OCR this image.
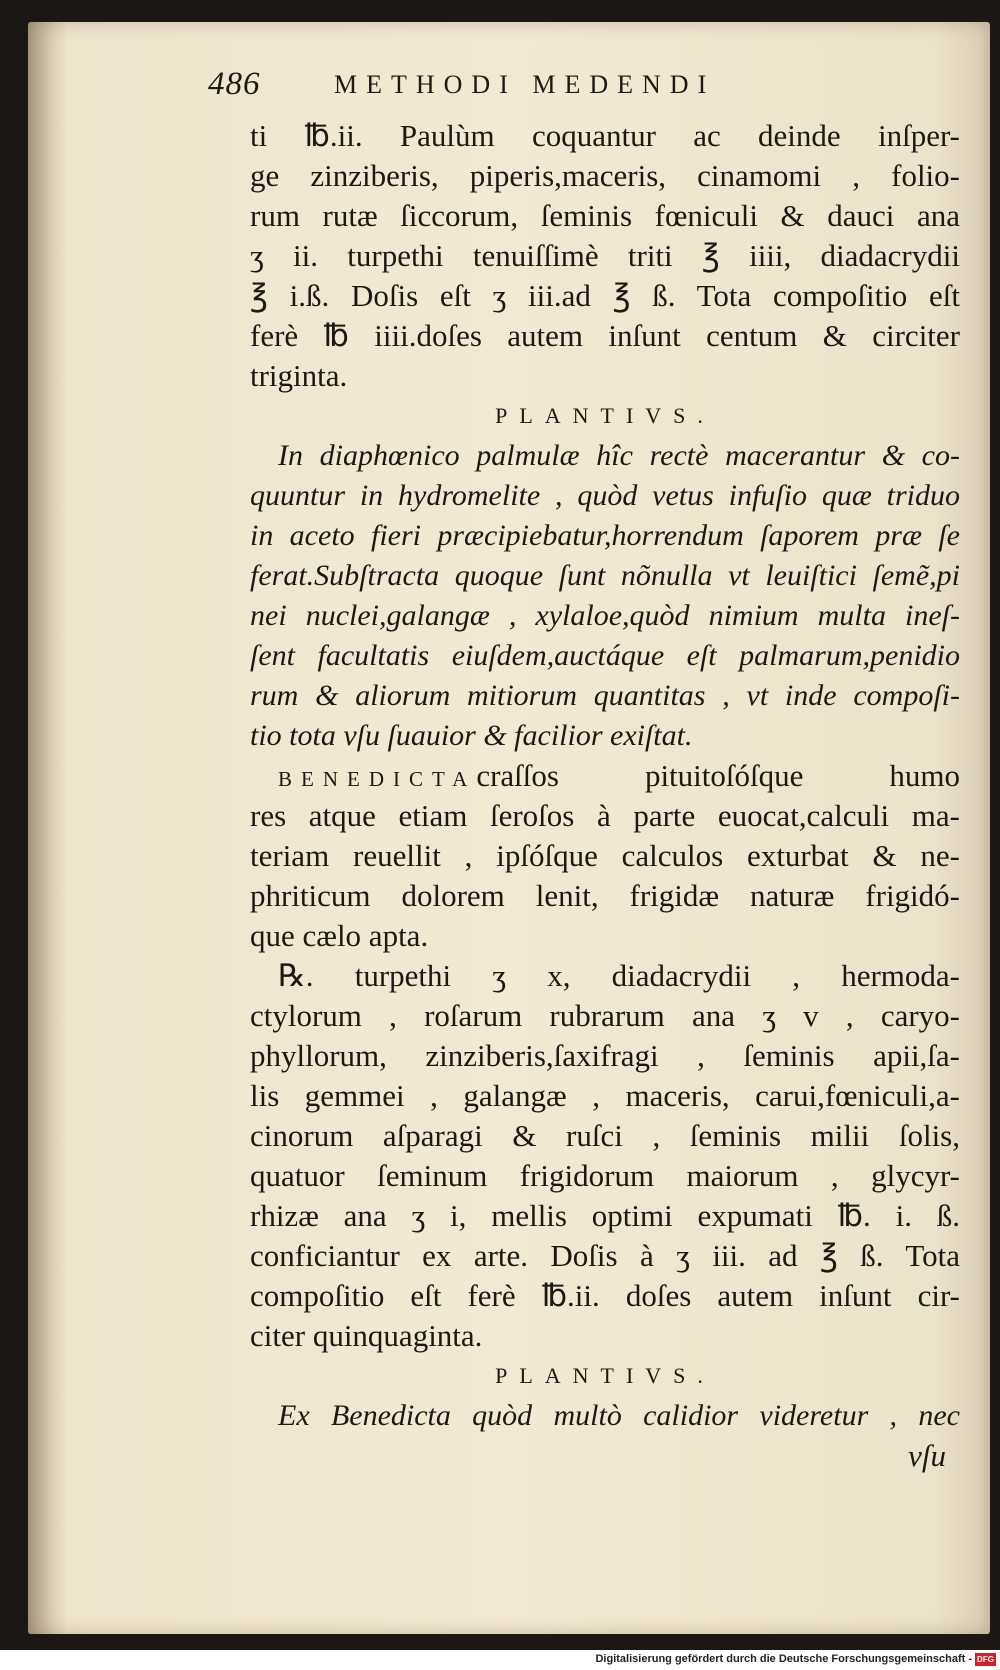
486	METHODI MEDENDI
ti ℔.ii. Paulùm coquantur ac deinde inſper-
ge zinziberis, piperis,maceris, cinamomi , folio-
rum rutæ ſiccorum, ſeminis fœniculi & dauci ana
ʒ ii. turpethi tenuiſſimè triti ℥ iiii, diadacrydii
℥ i.ß. Doſis eſt ʒ iii.ad ℥ ß. Tota compoſitio eſt
ferè ℔ iiii.doſes autem inſunt centum & circiter
triginta.
PLANTIVS.
In diaphœnico palmulæ hîc rectè macerantur & co-
quuntur in hydromelite , quòd vetus infuſio quæ triduo
in aceto fieri præcipiebatur,horrendum ſaporem præ ſe
ferat.Subſtracta quoque ſunt nõnulla vt leuiſtici ſemẽ,pi
nei nuclei,galangæ , xylaloe,quòd nimium multa ineſ-
ſent facultatis eiuſdem,auctáque eſt palmarum,penidio
rum & aliorum mitiorum quantitas , vt inde compoſi-
tio tota vſu ſuauior & facilior exiſtat.
BENEDICTAcraſſos pituitoſóſque humo
res atque etiam ſeroſos à parte euocat,calculi ma-
teriam reuellit , ipſóſque calculos exturbat & ne-
phriticum dolorem lenit, frigidæ naturæ frigidó-
que cælo apta.
℞. turpethi ʒ x, diadacrydii , hermoda-
ctylorum , roſarum rubrarum ana ʒ v , caryo-
phyllorum, zinziberis,ſaxifragi , ſeminis apii,ſa-
lis gemmei , galangæ , maceris, carui,fœniculi,a-
cinorum aſparagi & ruſci , ſeminis milii ſolis,
quatuor ſeminum frigidorum maiorum , glycyr-
rhizæ ana ʒ i, mellis optimi expumati ℔. i. ß.
conficiantur ex arte. Doſis à ʒ iii. ad ℥ ß. Tota
compoſitio eſt ferè ℔.ii. doſes autem inſunt cir-
citer quinquaginta.
PLANTIVS.
Ex Benedicta quòd multò calidior videretur , nec
vſu
Digitalisierung gefördert durch die Deutsche Forschungsgemeinschaft - DFG
